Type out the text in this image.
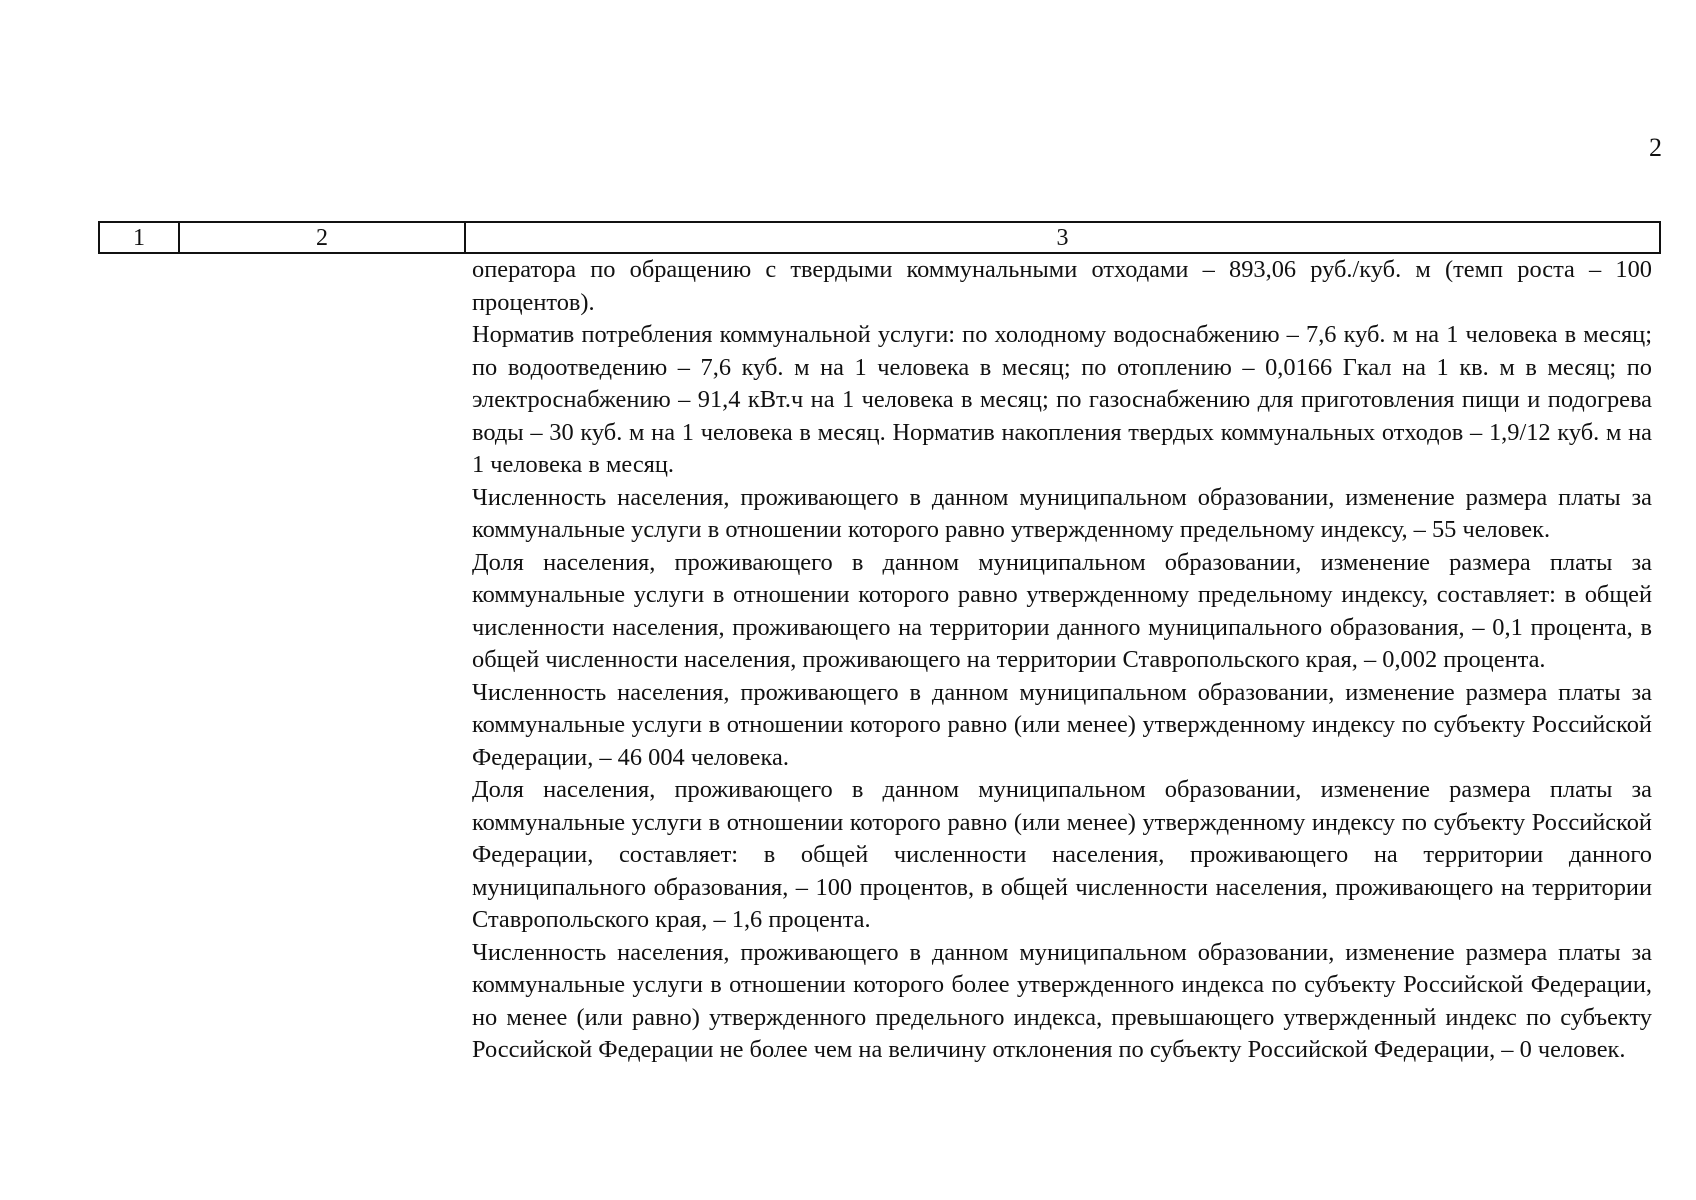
2
1	2	3

оператора по обращению с твердыми коммунальными отходами – 893,06 руб./куб. м (темп роста – 100 процентов).

Норматив потребления коммунальной услуги: по холодному водоснабжению – 7,6 куб. м на 1 человека в месяц; по водоотведению – 7,6 куб. м на 1 человека в месяц; по отоплению – 0,0166 Гкал на 1 кв. м в месяц; по электроснабжению – 91,4 кВт.ч на 1 человека в месяц; по газоснабжению для приготовления пищи и подогрева воды – 30 куб. м на 1 человека в месяц. Норматив накопления твердых коммунальных отходов – 1,9/12 куб. м на 1 человека в месяц.

Численность населения, проживающего в данном муниципальном образовании, изменение размера платы за коммунальные услуги в отношении которого равно утвержденному предельному индексу, – 55 человек.

Доля населения, проживающего в данном муниципальном образовании, изменение размера платы за коммунальные услуги в отношении которого равно утвержденному предельному индексу, составляет: в общей численности населения, проживающего на территории данного муниципального образования, – 0,1 процента, в общей численности населения, проживающего на территории Ставропольского края, – 0,002 процента.

Численность населения, проживающего в данном муниципальном образовании, изменение размера платы за коммунальные услуги в отношении которого равно (или менее) утвержденному индексу по субъекту Российской Федерации, – 46 004 человека.

Доля населения, проживающего в данном муниципальном образовании, изменение размера платы за коммунальные услуги в отношении которого равно (или менее) утвержденному индексу по субъекту Российской Федерации, составляет: в общей численности населения, проживающего на территории данного муниципального образования, – 100 процентов, в общей численности населения, проживающего на территории Ставропольского края, – 1,6 процента.

Численность населения, проживающего в данном муниципальном образовании, изменение размера платы за коммунальные услуги в отношении которого более утвержденного индекса по субъекту Российской Федерации, но менее (или равно) утвержденного предельного индекса, превышающего утвержденный индекс по субъекту Российской Федерации не более чем на величину отклонения по субъекту Российской Федерации, – 0 человек.
